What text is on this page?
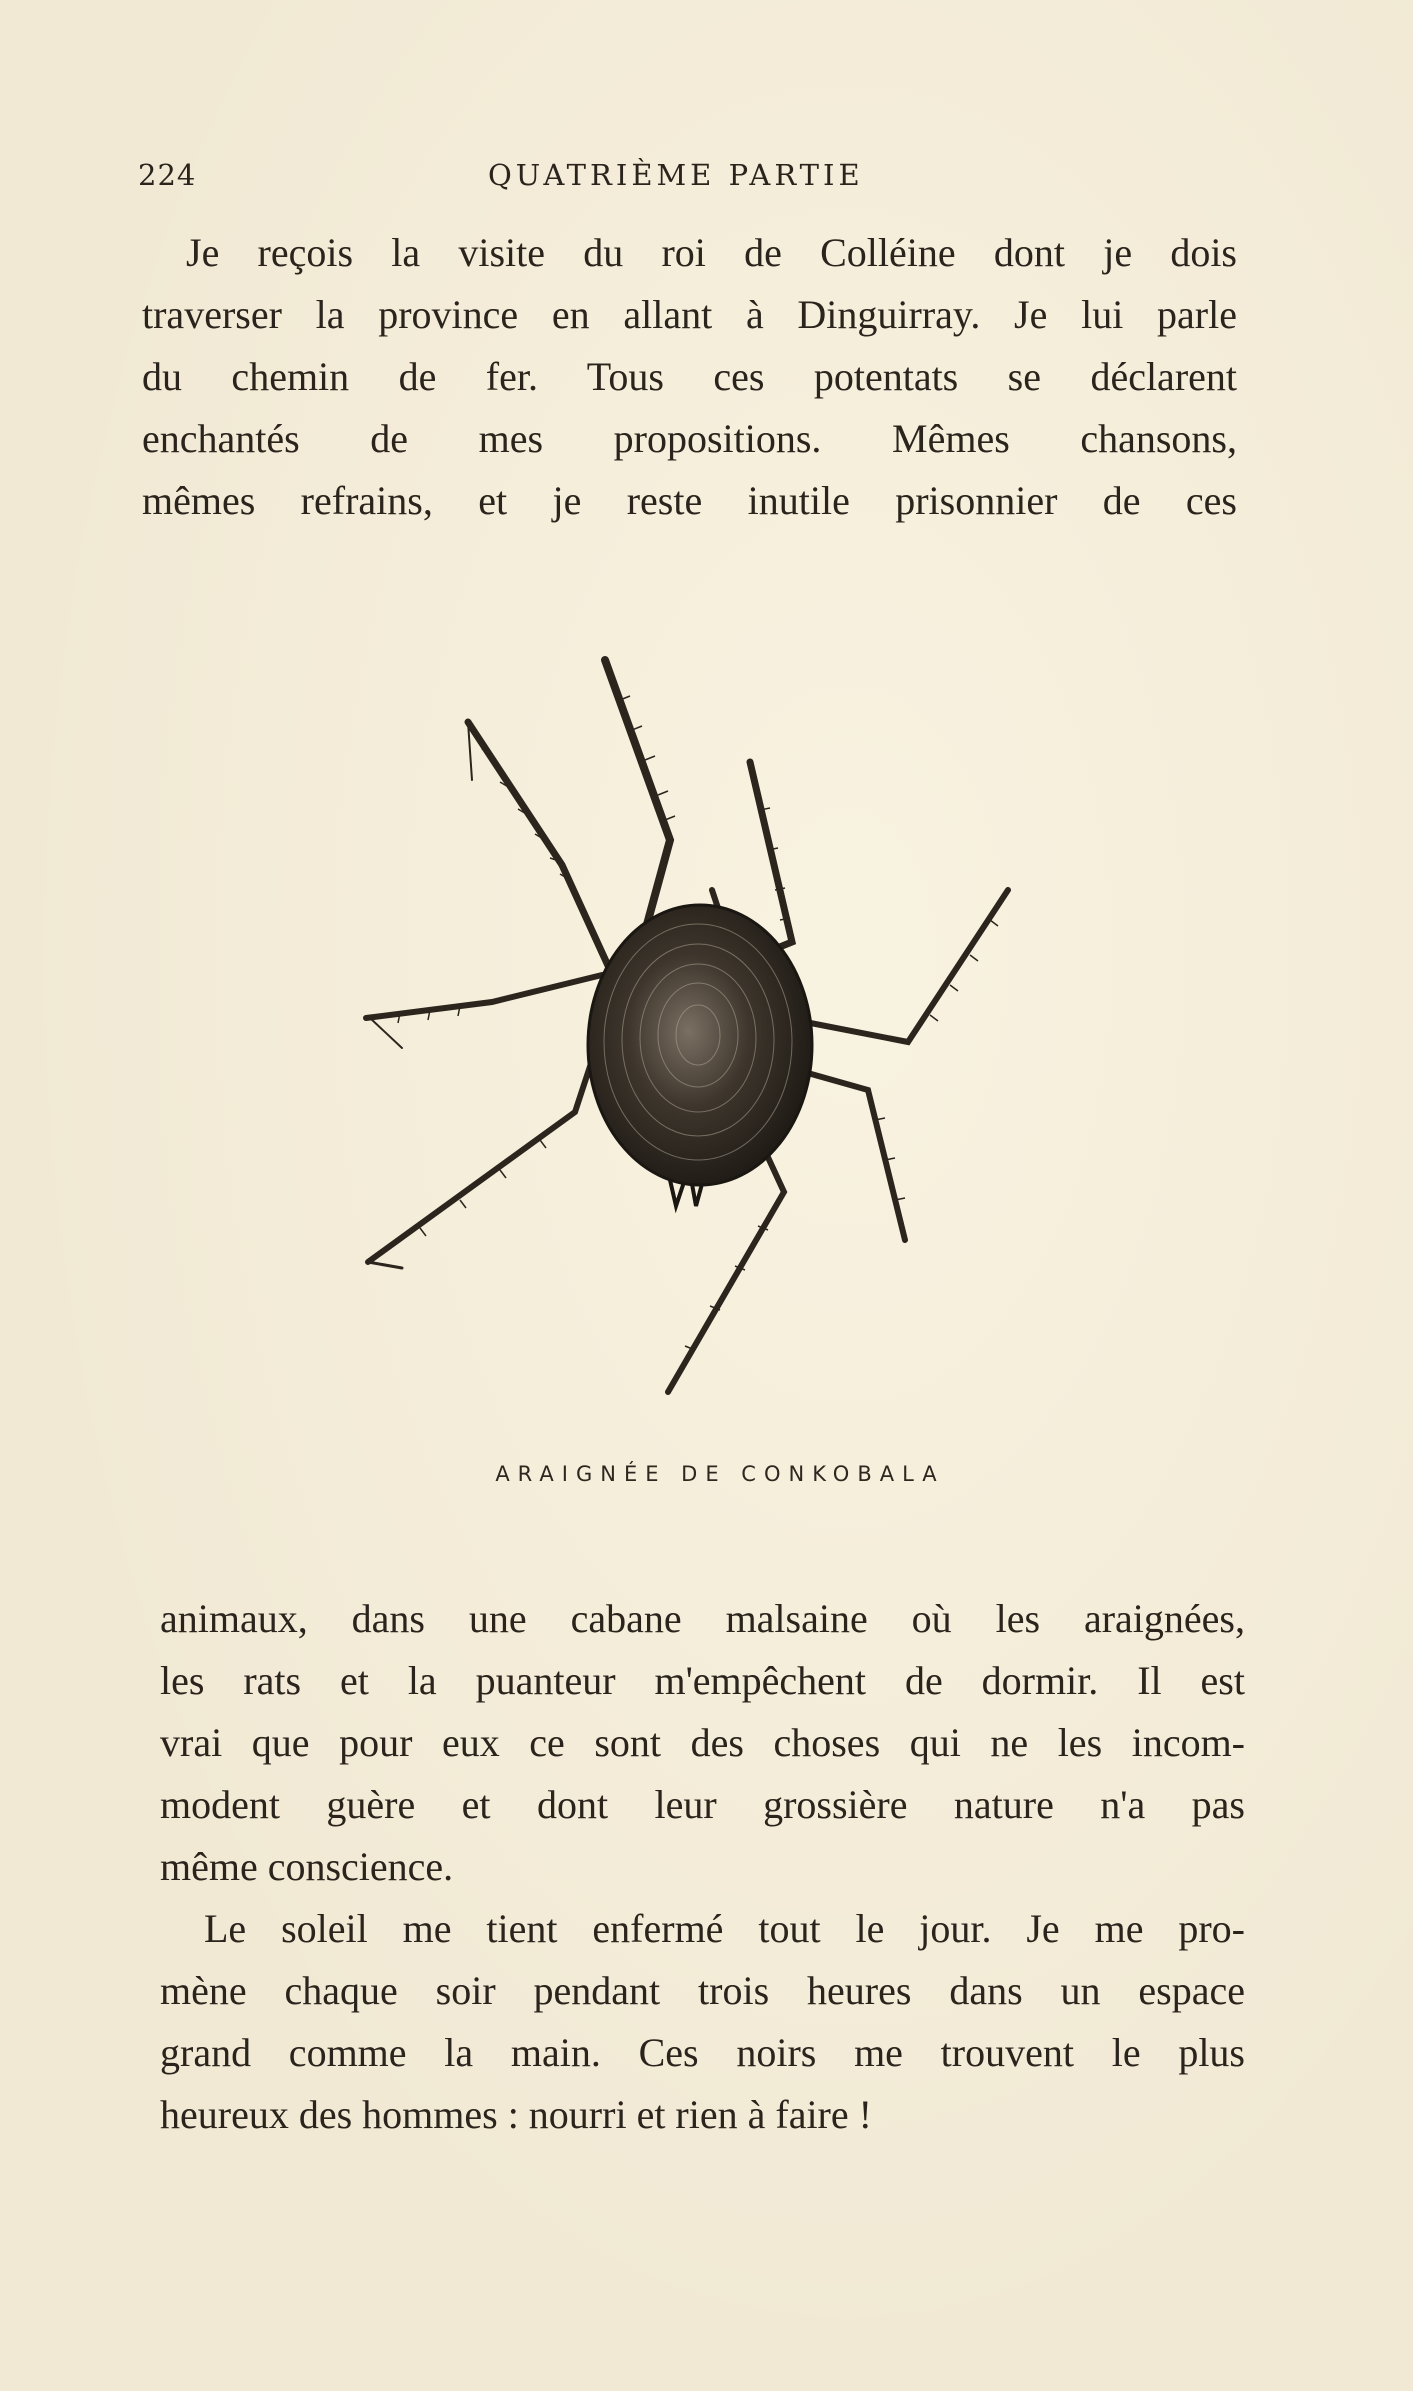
224	QUATRIÈME PARTIE
Je reçois la visite du roi de Colléine dont je dois
traverser la province en allant à Dinguirray. Je lui parle
du chemin de fer. Tous ces potentats se déclarent
enchantés de mes propositions. Mêmes chansons,
mêmes refrains, et je reste inutile prisonnier de ces
ARAIGNÉE DE CONKOBALA
animaux, dans une cabane malsaine où les araignées,
les rats et la puanteur m'empêchent de dormir. Il est
vrai que pour eux ce sont des choses qui ne les incom-
modent guère et dont leur grossière nature n'a pas
même conscience.
Le soleil me tient enfermé tout le jour. Je me pro-
mène chaque soir pendant trois heures dans un espace
grand comme la main. Ces noirs me trouvent le plus
heureux des hommes : nourri et rien à faire !
